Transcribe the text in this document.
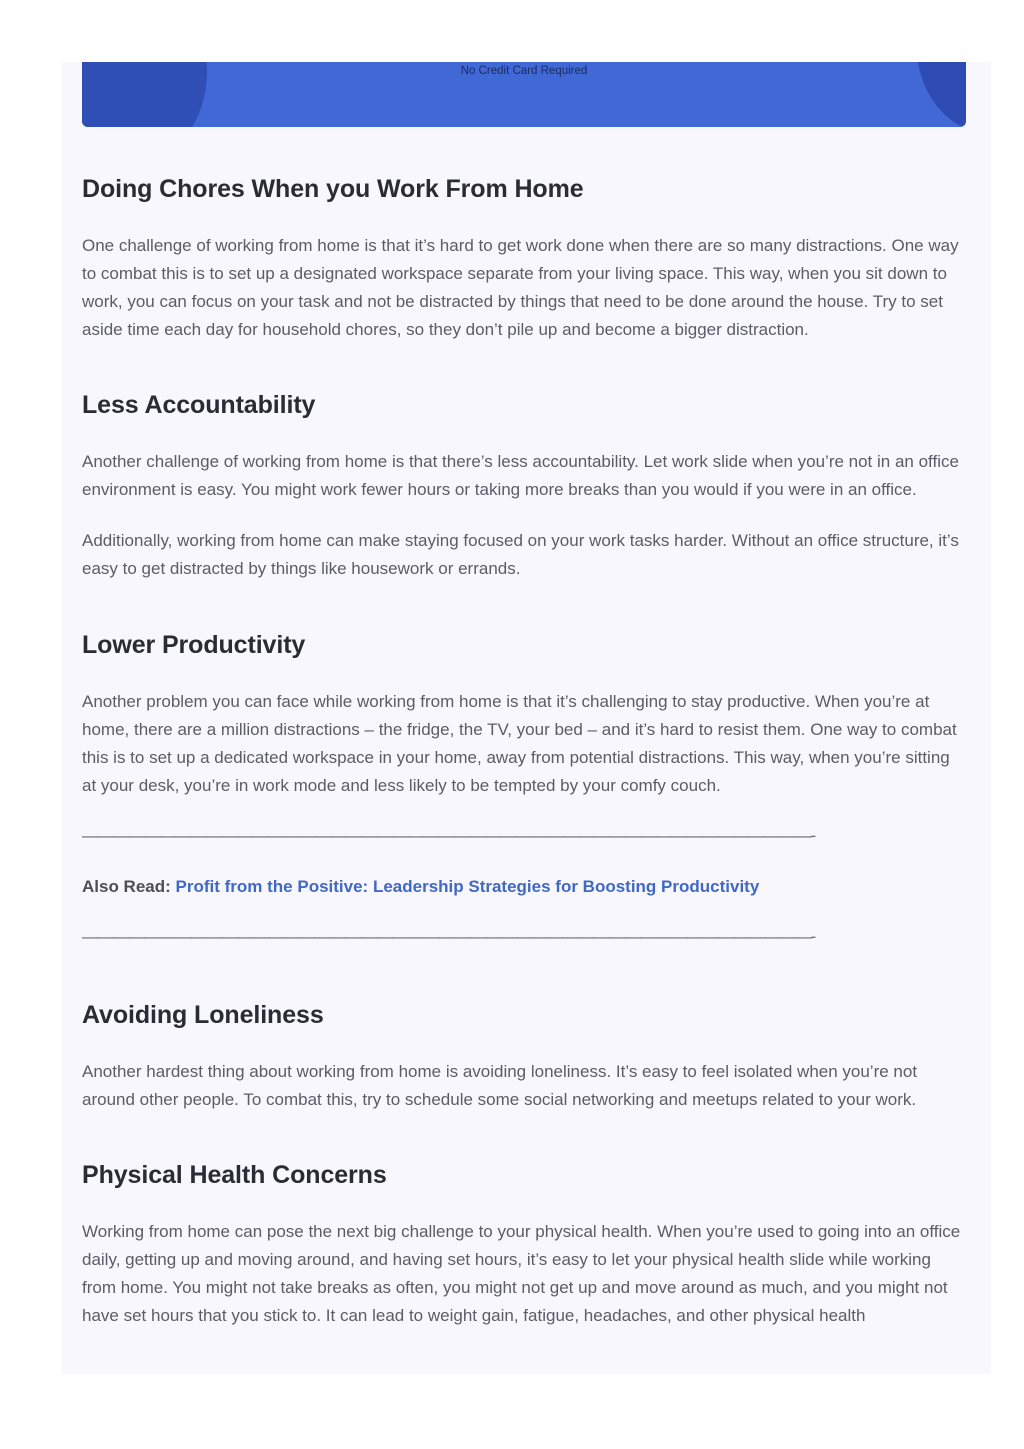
No Credit Card Required
Doing Chores When you Work From Home

One challenge of working from home is that it’s hard to get work done when there are so many distractions. One way to combat this is to set up a designated workspace separate from your living space. This way, when you sit down to work, you can focus on your task and not be distracted by things that need to be done around the house. Try to set aside time each day for household chores, so they don’t pile up and become a bigger distraction.

Less Accountability

Another challenge of working from home is that there’s less accountability. Let work slide when you’re not in an office environment is easy. You might work fewer hours or taking more breaks than you would if you were in an office.

Additionally, working from home can make staying focused on your work tasks harder. Without an office structure, it’s easy to get distracted by things like housework or errands.

Lower Productivity

Another problem you can face while working from home is that it’s challenging to stay productive. When you’re at home, there are a million distractions – the fridge, the TV, your bed – and it’s hard to resist them. One way to combat this is to set up a dedicated workspace in your home, away from potential distractions. This way, when you’re sitting at your desk, you’re in work mode and less likely to be tempted by your comfy couch.

———————————————————————————————————————————————-
Also Read: Profit from the Positive: Leadership Strategies for Boosting Productivity
———————————————————————————————————————————————-
Avoiding Loneliness

Another hardest thing about working from home is avoiding loneliness. It’s easy to feel isolated when you’re not around other people. To combat this, try to schedule some social networking and meetups related to your work.

Physical Health Concerns

Working from home can pose the next big challenge to your physical health. When you’re used to going into an office daily, getting up and moving around, and having set hours, it’s easy to let your physical health slide while working from home. You might not take breaks as often, you might not get up and move around as much, and you might not have set hours that you stick to. It can lead to weight gain, fatigue, headaches, and other physical health
